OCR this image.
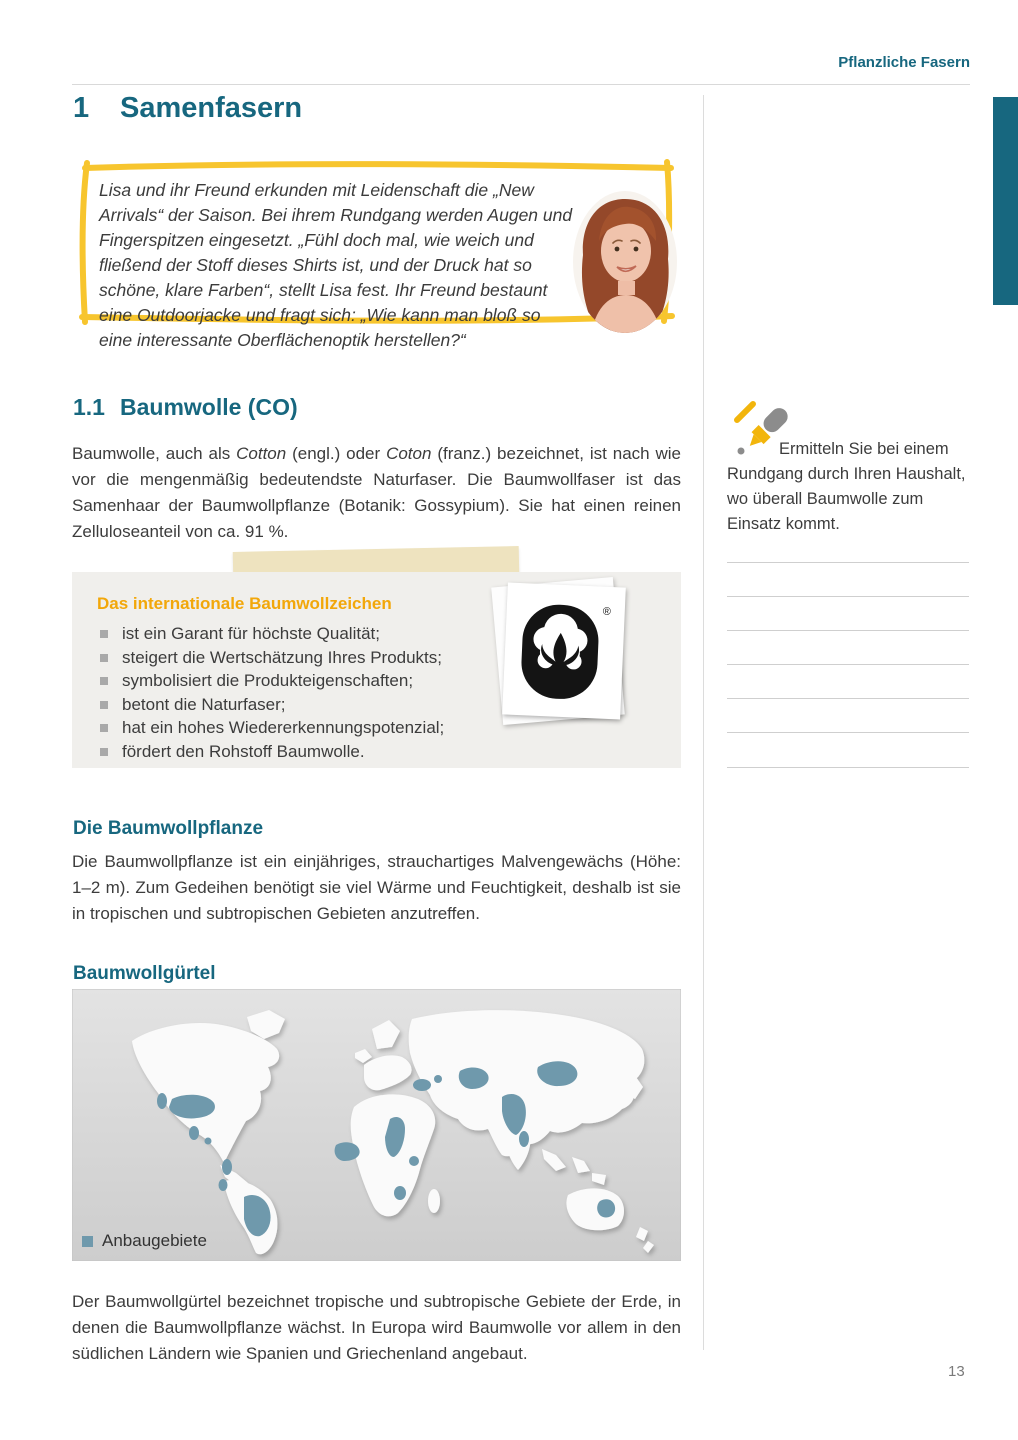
Pflanzliche Fasern
1	Samenfasern
Lisa und ihr Freund erkunden mit Leidenschaft die „New Arrivals“ der Saison. Bei ihrem Rundgang werden Augen und Fingerspitzen eingesetzt. „Fühl doch mal, wie weich und fließend der Stoff dieses Shirts ist, und der Druck hat so schöne, klare Farben“, stellt Lisa fest. Ihr Freund bestaunt eine Outdoorjacke und fragt sich: „Wie kann man bloß so eine interessante Oberflächenoptik herstellen?“
1.1 Baumwolle (CO)

Baumwolle, auch als Cotton (engl.) oder Coton (franz.) bezeichnet, ist nach wie vor die mengenmäßig bedeutendste Naturfaser. Die Baumwollfaser ist das Samenhaar der Baumwollpflanze (Botanik: Gossypium). Sie hat einen reinen Zelluloseanteil von ca. 91 %.

Ermitteln Sie bei einem Rundgang durch Ihren Haushalt, wo überall Baumwolle zum Einsatz kommt.
Das internationale Baumwollzeichen
ist ein Garant für höchste Qualität;
steigert die Wertschätzung Ihres Produkts;
symbolisiert die Produkteigenschaften;
betont die Naturfaser;
hat ein hohes Wiedererkennungspotenzial;
fördert den Rohstoff Baumwolle.
®
Die Baumwollpflanze

Die Baumwollpflanze ist ein einjähriges, strauchartiges Malvengewächs (Höhe: 1–2 m). Zum Gedeihen benötigt sie viel Wärme und Feuchtigkeit, deshalb ist sie in tropischen und subtropischen Gebieten anzutreffen.

Baumwollgürtel
Anbaugebiete

Der Baumwollgürtel bezeichnet tropische und subtropische Gebiete der Erde, in denen die Baumwollpflanze wächst. In Europa wird Baumwolle vor allem in den südlichen Ländern wie Spanien und Griechenland angebaut.

13
